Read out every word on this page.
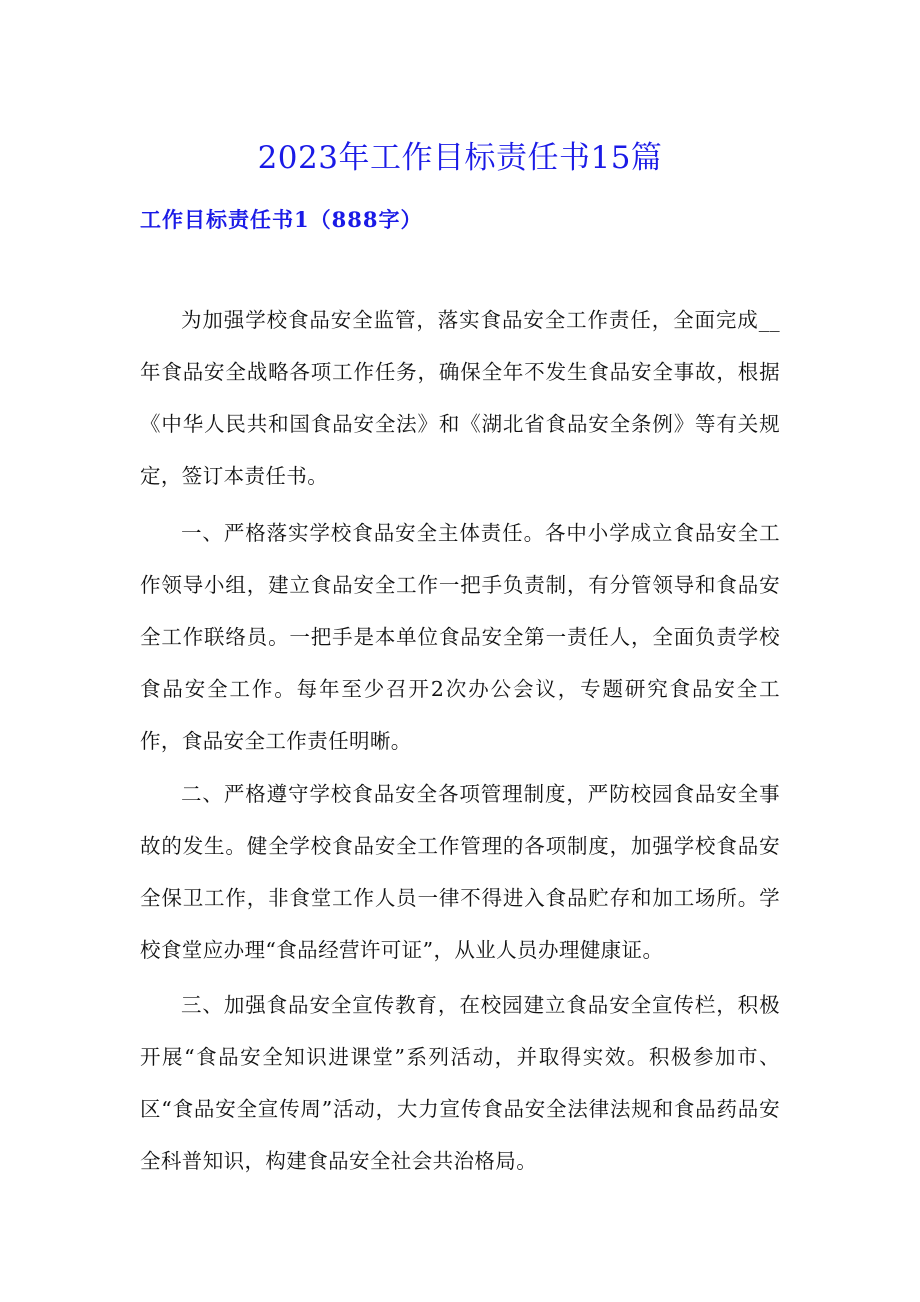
2023年工作目标责任书15篇
工作目标责任书1（888字）

为加强学校食品安全监管，落实食品安全工作责任，全面完成__年食品安全战略各项工作任务，确保全年不发生食品安全事故，根据《中华人民共和国食品安全法》和《湖北省食品安全条例》等有关规定，签订本责任书。

一、严格落实学校食品安全主体责任。各中小学成立食品安全工作领导小组，建立食品安全工作一把手负责制，有分管领导和食品安全工作联络员。一把手是本单位食品安全第一责任人，全面负责学校食品安全工作。每年至少召开2次办公会议，专题研究食品安全工作，食品安全工作责任明晰。

二、严格遵守学校食品安全各项管理制度，严防校园食品安全事故的发生。健全学校食品安全工作管理的各项制度，加强学校食品安全保卫工作，非食堂工作人员一律不得进入食品贮存和加工场所。学校食堂应办理“食品经营许可证”，从业人员办理健康证。

三、加强食品安全宣传教育，在校园建立食品安全宣传栏，积极开展“食品安全知识进课堂”系列活动，并取得实效。积极参加市、区“食品安全宣传周”活动，大力宣传食品安全法律法规和食品药品安全科普知识，构建食品安全社会共治格局。
